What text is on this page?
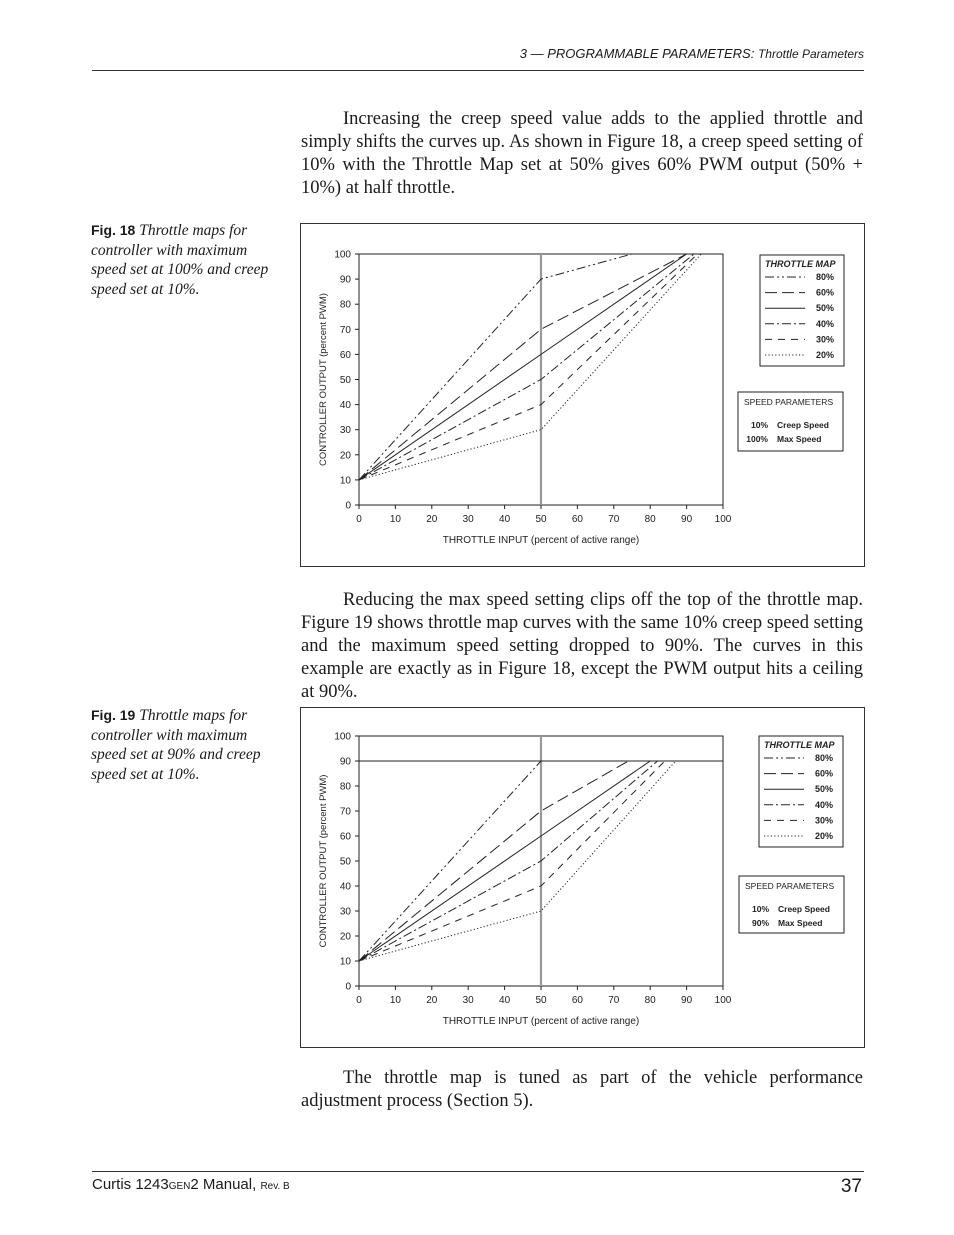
3 — PROGRAMMABLE PARAMETERS: Throttle Parameters

Increasing the creep speed value adds to the applied throttle and simply shifts the curves up. As shown in Figure 18, a creep speed setting of 10% with the Throttle Map set at 50% gives 60% PWM output (50% + 10%) at half throttle.

Fig. 18 Throttle maps for controller with maximum speed set at 100% and creep speed set at 10%.

0	10	20	30	40	50	60	70	80	90 100
0
10
20
30
40
50
60
70
80
90
100
THROTTLE INPUT (percent of active range)
CONTROLLER OUTPUT (percent PWM)
THROTTLE MAP
80%
60%
50%
40%
30%
20%
SPEED PARAMETERS
10% Creep Speed
100% Max Speed

Reducing the max speed setting clips off the top of the throttle map. Figure 19 shows throttle map curves with the same 10% creep speed setting and the maximum speed setting dropped to 90%. The curves in this example are exactly as in Figure 18, except the PWM output hits a ceiling at 90%.

Fig. 19 Throttle maps for controller with maximum speed set at 90% and creep speed set at 10%.

0	10	20	30	40	50	60	70	80	90 100
0
10
20
30
40
50
60
70
80
90
100
THROTTLE INPUT (percent of active range)
CONTROLLER OUTPUT (percent PWM)
THROTTLE MAP
80%
60%
50%
40%
30%
20%
SPEED PARAMETERS
10% Creep Speed
90% Max Speed

The throttle map is tuned as part of the vehicle performance adjustment process (Section 5).

Curtis 1243GEN2 Manual, Rev. B	37
